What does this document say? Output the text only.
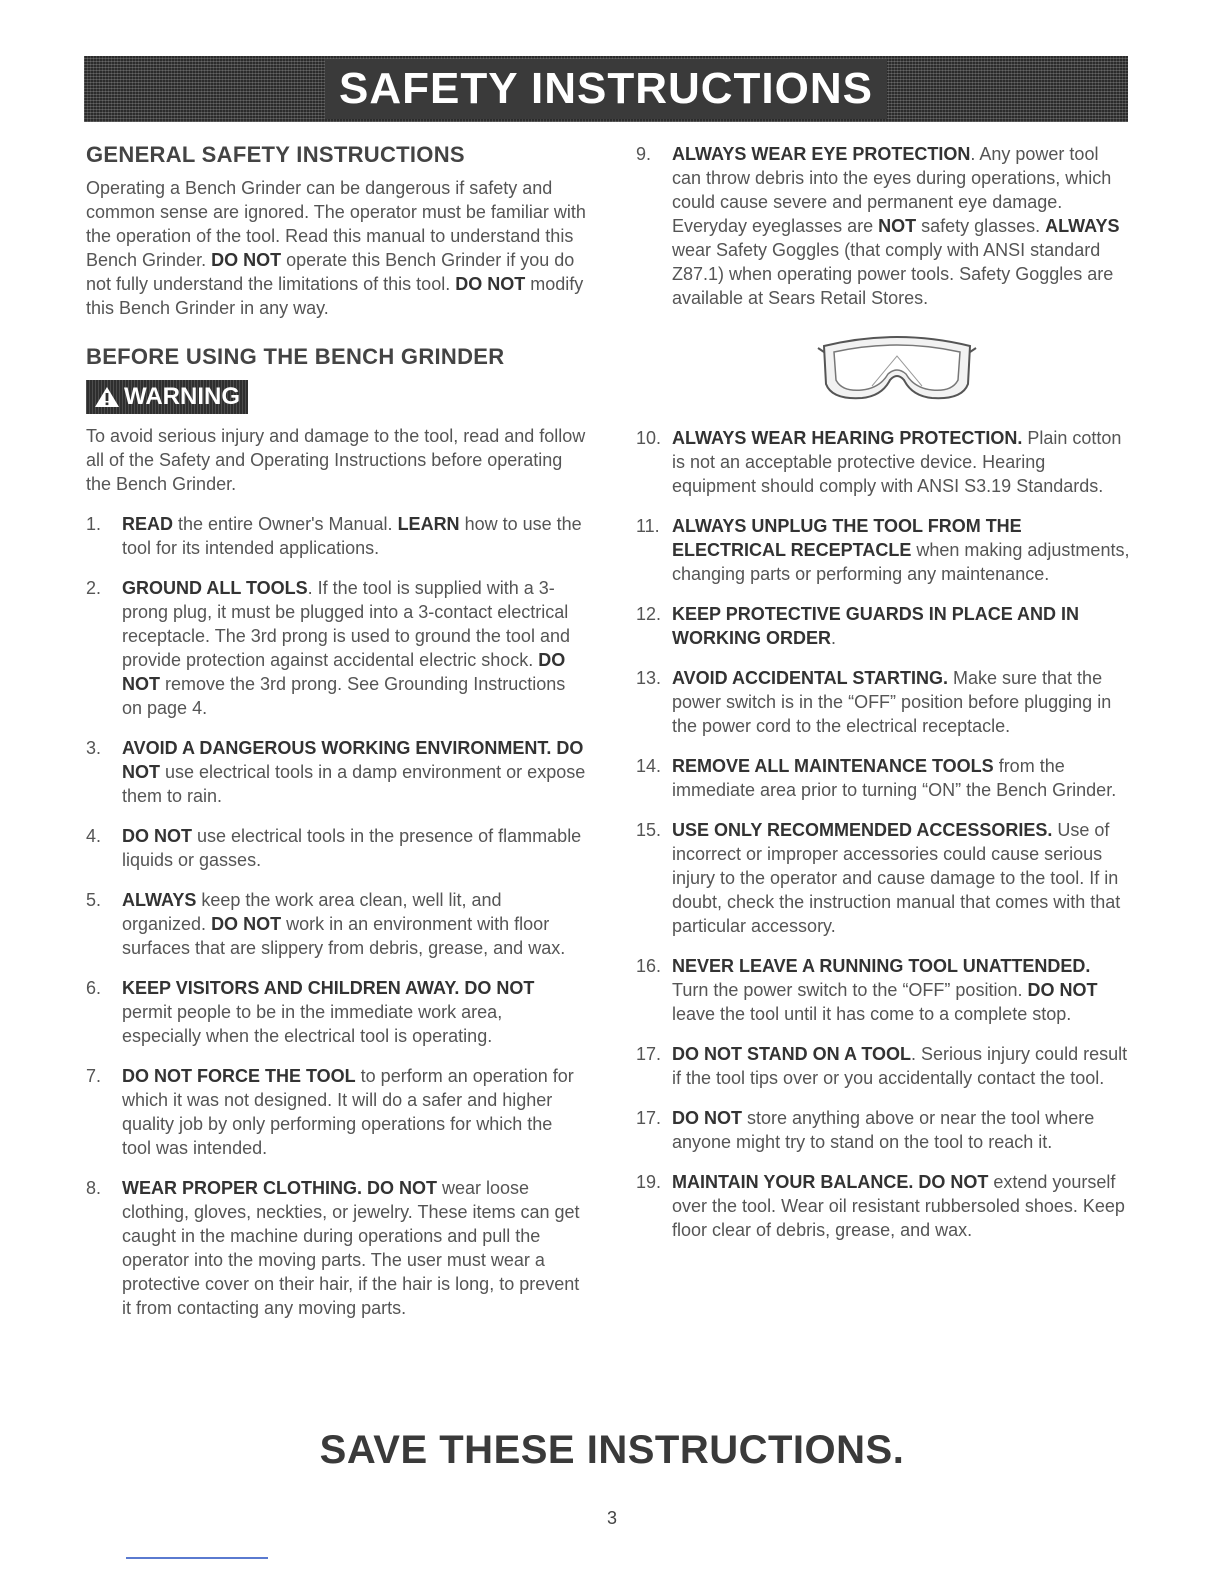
SAFETY INSTRUCTIONS
GENERAL SAFETY INSTRUCTIONS

Operating a Bench Grinder can be dangerous if safety and common sense are ignored. The operator must be familiar with the operation of the tool. Read this manual to understand this Bench Grinder. DO NOT operate this Bench Grinder if you do not fully understand the limitations of this tool. DO NOT modify this Bench Grinder in any way.

BEFORE USING THE BENCH GRINDER
WARNING

To avoid serious injury and damage to the tool, read and follow all of the Safety and Operating Instructions before operating the Bench Grinder.

1.	READ the entire Owner's Manual. LEARN how to use the tool for its intended applications.
2.	GROUND ALL TOOLS. If the tool is supplied with a 3-prong plug, it must be plugged into a 3-contact electrical receptacle. The 3rd prong is used to ground the tool and provide protection against accidental electric shock. DO NOT remove the 3rd prong. See Grounding Instructions on page 4.
3.	AVOID A DANGEROUS WORKING ENVIRONMENT. DO NOT use electrical tools in a damp environment or expose them to rain.
4.	DO NOT use electrical tools in the presence of flammable liquids or gasses.
5.	ALWAYS keep the work area clean, well lit, and organized. DO NOT work in an environment with floor surfaces that are slippery from debris, grease, and wax.
6.	KEEP VISITORS AND CHILDREN AWAY. DO NOT permit people to be in the immediate work area, especially when the electrical tool is operating.
7.	DO NOT FORCE THE TOOL to perform an operation for which it was not designed. It will do a safer and higher quality job by only performing operations for which the tool was intended.
8.	WEAR PROPER CLOTHING. DO NOT wear loose clothing, gloves, neckties, or jewelry. These items can get caught in the machine during operations and pull the operator into the moving parts. The user must wear a protective cover on their hair, if the hair is long, to prevent it from contacting any moving parts.
9.	ALWAYS WEAR EYE PROTECTION. Any power tool can throw debris into the eyes during operations, which could cause severe and permanent eye damage. Everyday eyeglasses are NOT safety glasses. ALWAYS wear Safety Goggles (that comply with ANSI standard Z87.1) when operating power tools. Safety Goggles are available at Sears Retail Stores.
10. ALWAYS WEAR HEARING PROTECTION. Plain cotton is not an acceptable protective device. Hearing equipment should comply with ANSI S3.19 Standards.
11. ALWAYS UNPLUG THE TOOL FROM THE ELECTRICAL RECEPTACLE when making adjustments, changing parts or performing any maintenance.
12. KEEP PROTECTIVE GUARDS IN PLACE AND IN WORKING ORDER.
13. AVOID ACCIDENTAL STARTING. Make sure that the power switch is in the “OFF” position before plugging in the power cord to the electrical receptacle.
14. REMOVE ALL MAINTENANCE TOOLS from the immediate area prior to turning “ON” the Bench Grinder.
15. USE ONLY RECOMMENDED ACCESSORIES. Use of incorrect or improper accessories could cause serious injury to the operator and cause damage to the tool. If in doubt, check the instruction manual that comes with that particular accessory.
16. NEVER LEAVE A RUNNING TOOL UNATTENDED. Turn the power switch to the “OFF” position. DO NOT leave the tool until it has come to a complete stop.
17. DO NOT STAND ON A TOOL. Serious injury could result if the tool tips over or you accidentally contact the tool.
17. DO NOT store anything above or near the tool where anyone might try to stand on the tool to reach it.
19. MAINTAIN YOUR BALANCE. DO NOT extend yourself over the tool. Wear oil resistant rubbersoled shoes. Keep floor clear of debris, grease, and wax.
SAVE THESE INSTRUCTIONS.
3
